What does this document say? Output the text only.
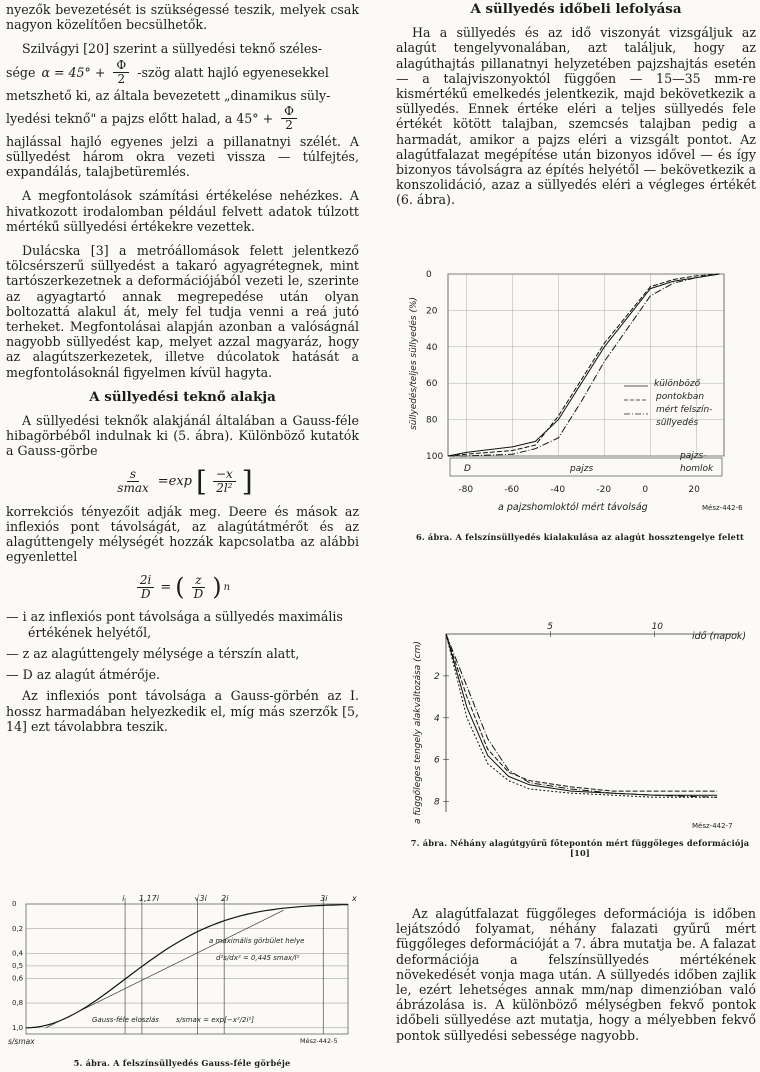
nyezők bevezetését is szükségessé teszik, melyek csak nagyon közelítően becsülhetők.

Szilvágyi [20] szerint a süllyedési teknő széles-

sége $\alpha = 45^\circ + \frac{\Phi}{2}$ -szög alatt hajló egyenesekkel
metszhető ki, az általa bevezetett „dinamikus süly-
lyedési teknő" a pajzs előtt halad, a $45^\circ + \frac{\Phi}{2}$

hajlással hajló egyenes jelzi a pillanatnyi szélét. A süllyedést három okra vezeti vissza — túlfejtés, expandálás, talajbetüremlés.

A megfontolások számítási értékelése nehézkes. A hivatkozott irodalomban például felvett adatok túlzott mértékű süllyedési értékekre vezettek.

Dulácska [3] a metróállomások felett jelentkező tölcsérszerű süllyedést a takaró agyagrétegnek, mint tartószerkezetnek a deformációjából vezeti le, szerinte az agyagtartó annak megrepedése után olyan boltozattá alakul át, mely fel tudja venni a reá jutó terheket. Megfontolásai alapján azonban a valóságnál nagyobb süllyedést kap, melyet azzal magyaráz, hogy az alagútszerkezetek, illetve dúcolatok hatását a megfontolásoknál figyelmen kívül hagyta.

A süllyedési teknő alakja

A süllyedési teknők alakjánál általában a Gauss-féle hibagörbéből indulnak ki (5. ábra). Különböző kutatók a Gauss-görbe

$\frac{s}{smax} =\exp$ [ $\frac{-x}{\text{2l²}}$ ]

korrekciós tényezőit adják meg. Deere és mások az inflexiós pont távolságát, az alagútátmérőt és az alagúttengely mélységét hozzák kapcsolatba az alábbi egyenlettel

$\frac{2i}{D}$ = ( $\frac{z}{D}$ ) n
— i az inflexiós pont távolsága a süllyedés maximális értékének helyétől,
— z az alagúttengely mélysége a térszín alatt,
— D az alagút átmérője.

Az inflexiós pont távolsága a Gauss-görbén az I. hossz harmadában helyezkedik el, míg más szerzők [5, 14] ezt távolabbra teszik.

0
0,2
0,4
0,6
0,5
0,8
1,0
i 1,17i	√3i 2i	3i	x
a maximális görbület helye
d²s/dx² = 0,445 smax/l²
Gauss-féle eloszlás s/smax = exp[−x²/2i²]
s/smax	Mész-442-5
5. ábra. A felszínsüllyedés Gauss-féle görbéje
A süllyedés időbeli lefolyása

Ha a süllyedés és az idő viszonyát vizsgáljuk az alagút tengelyvonalában, azt találjuk, hogy az alagúthajtás pillanatnyi helyzetében pajzshajtás esetén — a talajviszonyoktól függően — 15—35 mm-re kismértékű emelkedés jelentkezik, majd bekövetkezik a süllyedés. Ennek értéke eléri a teljes süllyedés fele értékét kötött talajban, szemcsés talajban pedig a harmadát, amikor a pajzs eléri a vizsgált pontot. Az alagútfalazat megépítése után bizonyos idővel — és így bizonyos távolságra az építés helyétől — bekövetkezik a konszolidáció, azaz a süllyedés eléri a végleges értékét (6. ábra).

0
20
40
60
80
100
-80	-60	-40	-20	0	20
D	pajzs
különböző
pontokban
mért felszín-
süllyedés
pajzs-
homlok
süllyedés/teljes süllyedés (%)
a pajzshomloktól mért távolság	Mész-442-6
6. ábra. A felszínsüllyedés kialakulása az alagút hossztengelye felett
2
4
6
8
5	10
idő (napok)
a függőleges tengely alakváltozása (cm)
Mész-442-7
7. ábra. Néhány alagútgyűrű főtepontón mért függőleges deformációja [10]

Az alagútfalazat függőleges deformációja is időben lejátszódó folyamat, néhány falazati gyűrű mért függőleges deformációját a 7. ábra mutatja be. A falazat deformációja a felszínsüllyedés mértékének növekedését vonja maga után. A süllyedés időben zajlik le, ezért lehetséges annak mm/nap dimenzióban való ábrázolása is. A különböző mélységben fekvő pontok időbeli süllyedése azt mutatja, hogy a mélyebben fekvő pontok süllyedési sebessége nagyobb.
